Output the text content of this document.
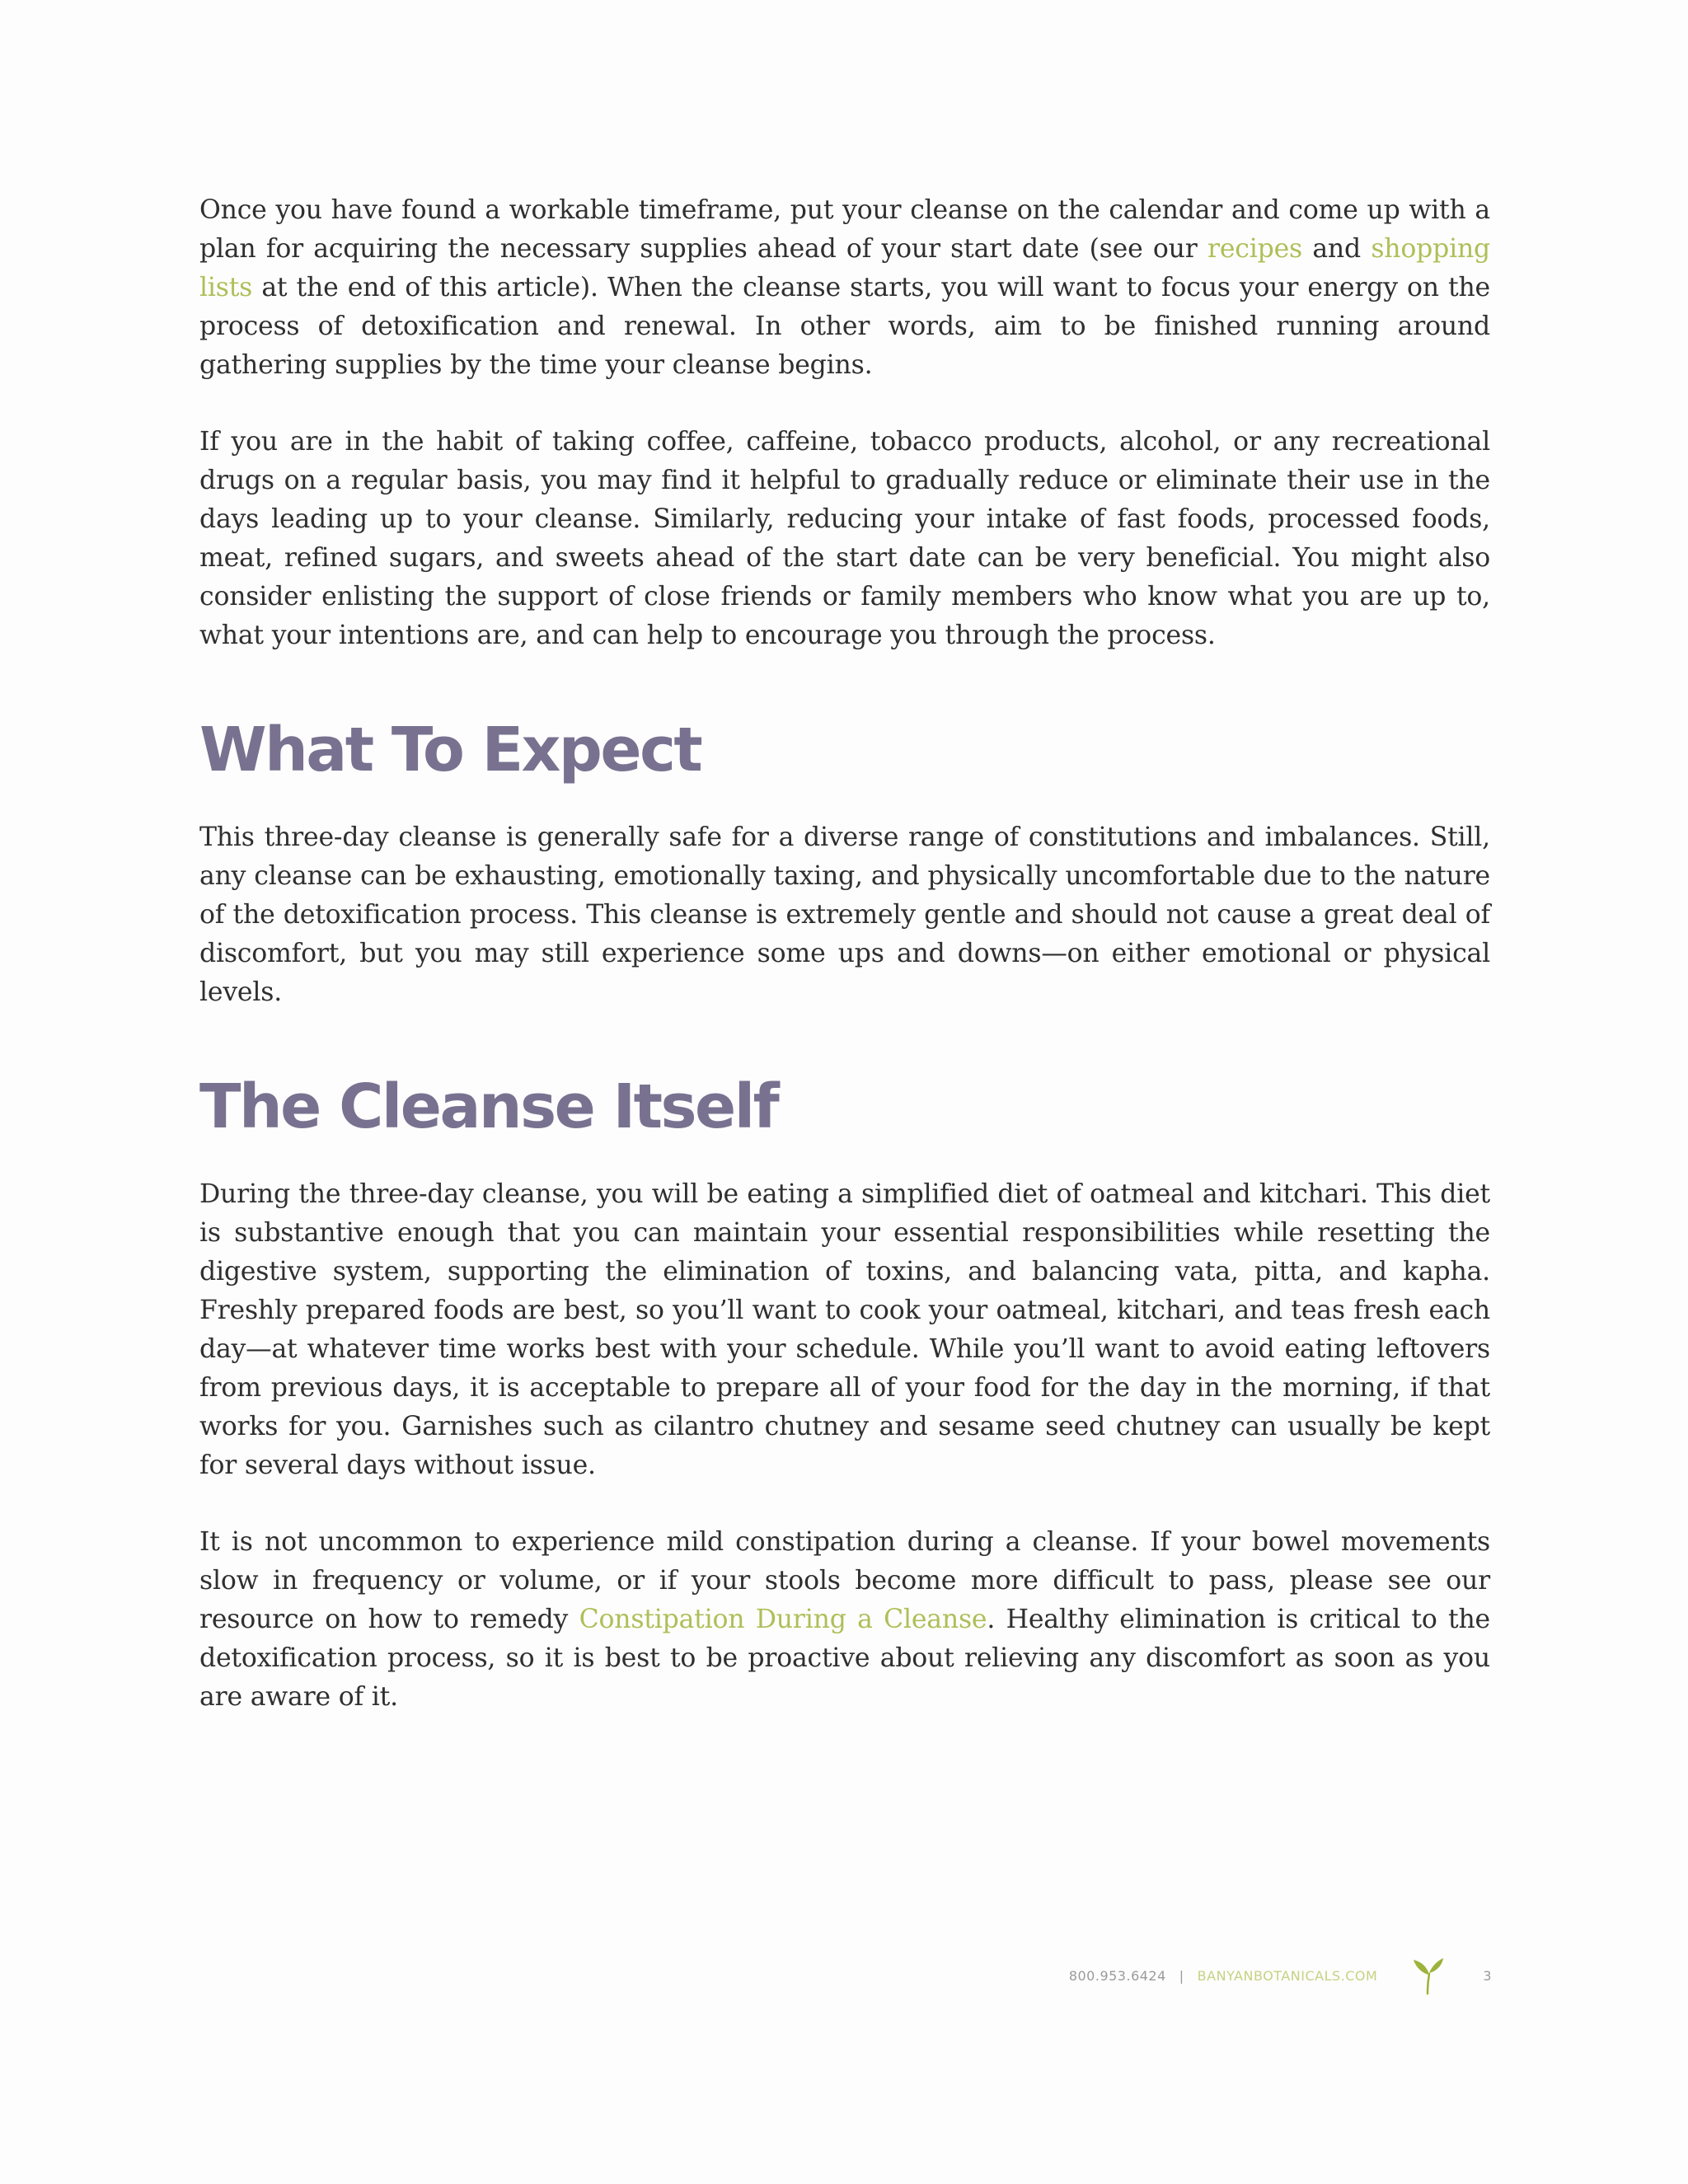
Once you have found a workable timeframe, put your cleanse on the calendar and come up with a plan for acquiring the necessary supplies ahead of your start date (see our recipes and shopping lists at the end of this article). When the cleanse starts, you will want to focus your energy on the process of detoxification and renewal. In other words, aim to be finished running around gathering supplies by the time your cleanse begins.

If you are in the habit of taking coffee, caffeine, tobacco products, alcohol, or any recreational drugs on a regular basis, you may find it helpful to gradually reduce or eliminate their use in the days leading up to your cleanse. Similarly, reducing your intake of fast foods, processed foods, meat, refined sugars, and sweets ahead of the start date can be very beneficial. You might also consider enlisting the support of close friends or family members who know what you are up to, what your intentions are, and can help to encourage you through the process.

What To Expect

This three-day cleanse is generally safe for a diverse range of constitutions and imbalances. Still, any cleanse can be exhausting, emotionally taxing, and physically uncomfortable due to the nature of the detoxification process. This cleanse is extremely gentle and should not cause a great deal of discomfort, but you may still experience some ups and downs—on either emotional or physical levels.

The Cleanse Itself

During the three-day cleanse, you will be eating a simplified diet of oatmeal and kitchari. This diet is substantive enough that you can maintain your essential responsibilities while resetting the digestive system, supporting the elimination of toxins, and balancing vata, pitta, and kapha. Freshly prepared foods are best, so you’ll want to cook your oatmeal, kitchari, and teas fresh each day—at whatever time works best with your schedule. While you’ll want to avoid eating leftovers from previous days, it is acceptable to prepare all of your food for the day in the morning, if that works for you. Garnishes such as cilantro chutney and sesame seed chutney can usually be kept for several days without issue.

It is not uncommon to experience mild constipation during a cleanse. If your bowel movements slow in frequency or volume, or if your stools become more difficult to pass, please see our resource on how to remedy Constipation During a Cleanse. Healthy elimination is critical to the detoxification process, so it is best to be proactive about relieving any discomfort as soon as you are aware of it.

800.953.6424 | BANYANBOTANICALS.COM	3
